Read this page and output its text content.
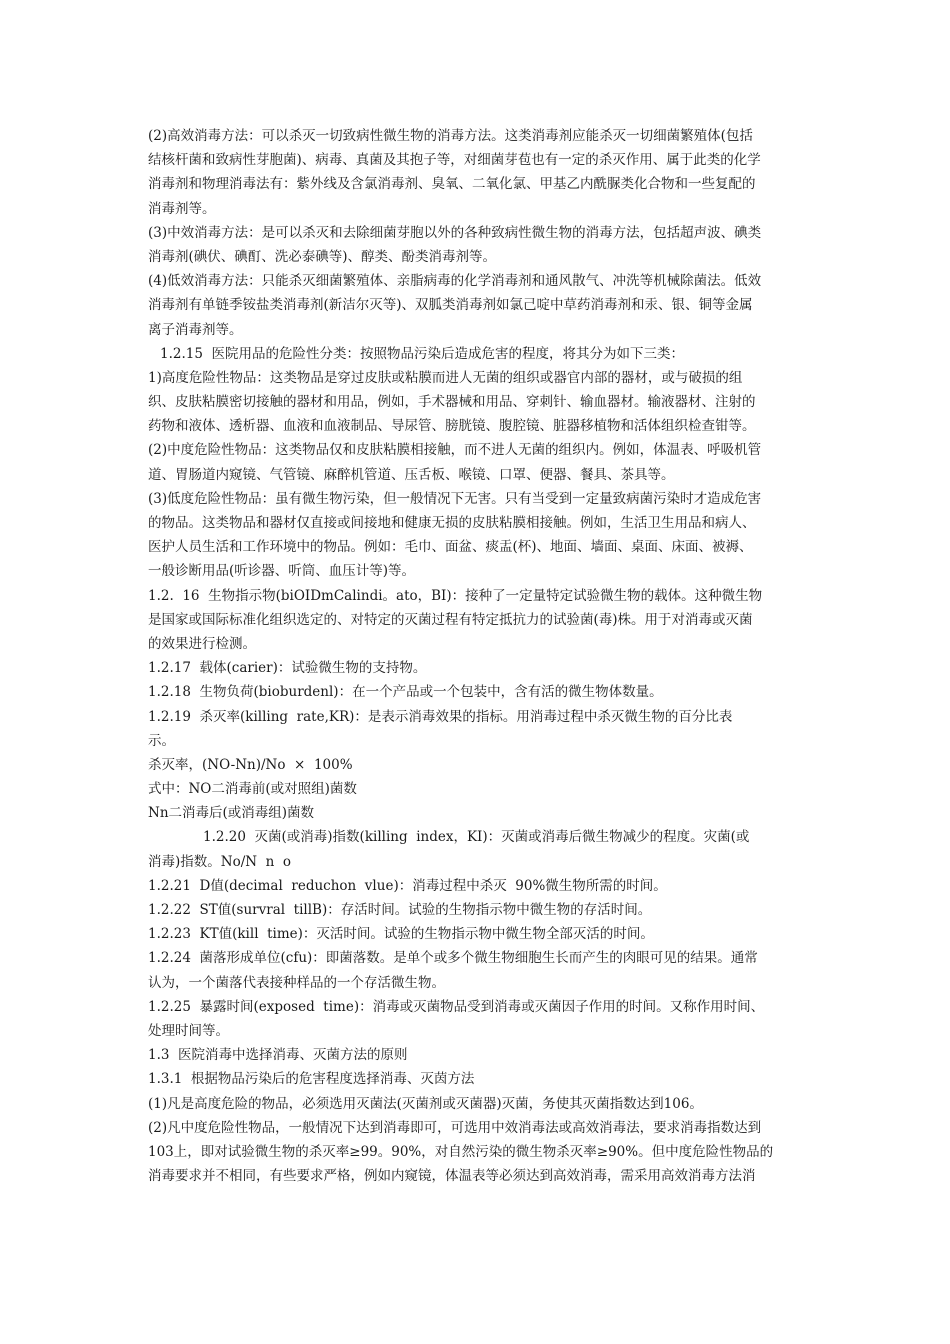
(2)高效消毒方法：可以杀灭一切致病性微生物的消毒方法。这类消毒剂应能杀灭一切细菌繁殖体(包括
结核杆菌和致病性芽胞菌)、病毒、真菌及其抱子等，对细菌芽苞也有一定的杀灭作用、属于此类的化学
消毒剂和物理消毒法有：紫外线及含氯消毒剂、臭氧、二氧化氯、甲基乙内酰脲类化合物和一些复配的
消毒剂等。
(3)中效消毒方法：是可以杀灭和去除细菌芽胞以外的各种致病性微生物的消毒方法，包括超声波、碘类
消毒剂(碘伏、碘酊、洗必泰碘等)、醇类、酚类消毒剂等。
(4)低效消毒方法：只能杀灭细菌繁殖体、亲脂病毒的化学消毒剂和通风散气、冲洗等机械除菌法。低效
消毒剂有单链季铵盐类消毒剂(新洁尔灭等)、双胍类消毒剂如氯己啶中草药消毒剂和汞、银、铜等金属
离子消毒剂等。
1.2.15  医院用品的危险性分类：按照物品污染后造成危害的程度，将其分为如下三类：
1)高度危险性物品：这类物品是穿过皮肤或粘膜而进人无菌的组织或器官内部的器材，或与破损的组
织、皮肤粘膜密切接触的器材和用品，例如，手术器械和用品、穿刺针、输血器材。输液器材、注射的
药物和液体、透析器、血液和血液制品、导尿管、膀胱镜、腹腔镜、脏器移植物和活体组织检查钳等。
(2)中度危险性物品：这类物品仅和皮肤粘膜相接触，而不进人无菌的组织内。例如，体温表、呼吸机管
道、胃肠道内窥镜、气管镜、麻醉机管道、压舌板、喉镜、口罩、便器、餐具、茶具等。
(3)低度危险性物品：虽有微生物污染，但一般情况下无害。只有当受到一定量致病菌污染时才造成危害
的物品。这类物品和器材仅直接或间接地和健康无损的皮肤粘膜相接触。例如，生活卫生用品和病人、
医护人员生活和工作环境中的物品。例如：毛巾、面盆、痰盂(杯)、地面、墙面、桌面、床面、被褥、
一般诊断用品(听诊器、听筒、血压计等)等。
1.2.  16  生物指示物(biOIDmCalindi。ato，BI)：接种了一定量特定试验微生物的载体。这种微生物
是国家或国际标准化组织选定的、对特定的灭菌过程有特定抵抗力的试验菌(毒)株。用于对消毒或灭菌
的效果进行检测。
1.2.17  载体(carier)：试验微生物的支持物。
1.2.18  生物负荷(bioburdenl)：在一个产品或一个包装中，含有活的微生物体数量。
1.2.19  杀灭率(killing  rate,KR)：是表示消毒效果的指标。用消毒过程中杀灭微生物的百分比表
示。
杀灭率，(NO-Nn)/No  ×  100%
式中：NO二消毒前(或对照组)菌数
Nn二消毒后(或消毒组)菌数
1.2.20  灭菌(或消毒)指数(killing  index，KI)：灭菌或消毒后微生物减少的程度。灾菌(或
消毒)指数。No/N  n  o
1.2.21  D值(decimal  reduchon  vlue)：消毒过程中杀灭  90%微生物所需的时间。
1.2.22  ST值(survral  tillB)：存活时间。试验的生物指示物中微生物的存活时间。
1.2.23  KT值(kill  time)：灭活时间。试验的生物指示物中微生物全部灭活的时间。
1.2.24  菌落形成单位(cfu)：即菌落数。是单个或多个微生物细胞生长而产生的肉眼可见的结果。通常
认为，一个菌落代表接种样品的一个存活微生物。
1.2.25  暴露时间(exposed  time)：消毒或灭菌物品受到消毒或灭菌因子作用的时间。又称作用时间、
处理时间等。
1.3  医院消毒中选择消毒、灭菌方法的原则
1.3.1  根据物品污染后的危害程度选择消毒、灭茵方法
(1)凡是高度危险的物品，必须选用灭菌法(灭菌剂或灭菌器)灭菌，务使其灭菌指数达到106。
(2)凡中度危险性物品，一般情况下达到消毒即可，可选用中效消毒法或高效消毒法，要求消毒指数达到
103上，即对试验微生物的杀灭率≥99。90%，对自然污染的微生物杀灭率≥90%。但中度危险性物品的
消毒要求并不相同，有些要求严格，例如内窥镜，体温表等必须达到高效消毒，需采用高效消毒方法消
